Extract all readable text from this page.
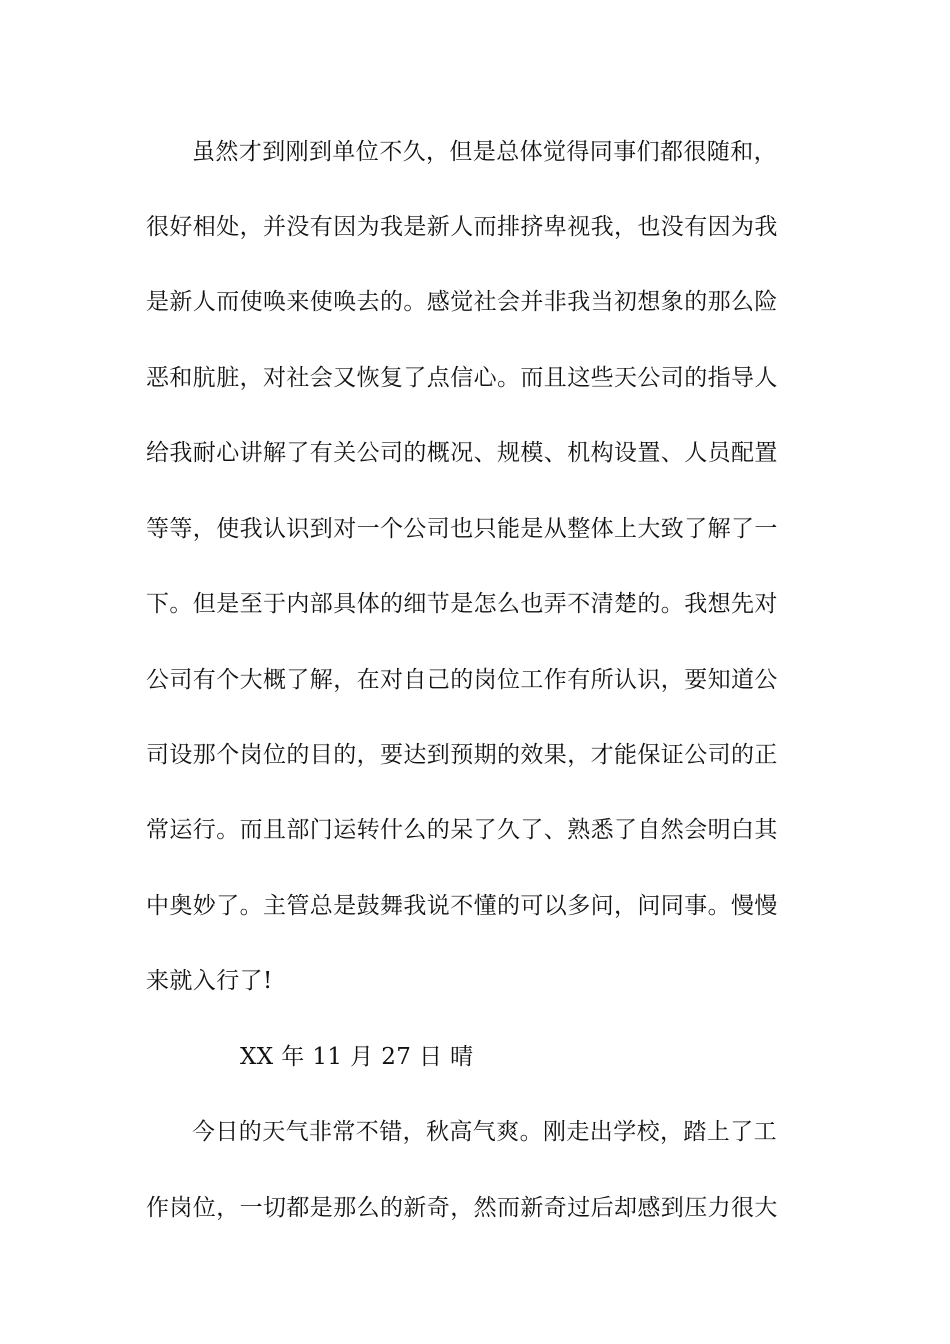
虽然才到刚到单位不久，但是总体觉得同事们都很随和，
很好相处，并没有因为我是新人而排挤卑视我，也没有因为我
是新人而使唤来使唤去的。感觉社会并非我当初想象的那么险
恶和肮脏，对社会又恢复了点信心。而且这些天公司的指导人
给我耐心讲解了有关公司的概况、规模、机构设置、人员配置
等等，使我认识到对一个公司也只能是从整体上大致了解了一
下。但是至于内部具体的细节是怎么也弄不清楚的。我想先对
公司有个大概了解，在对自己的岗位工作有所认识，要知道公
司设那个岗位的目的，要达到预期的效果，才能保证公司的正
常运行。而且部门运转什么的呆了久了、熟悉了自然会明白其
中奥妙了。主管总是鼓舞我说不懂的可以多问，问同事。慢慢
来就入行了!
XX 年 11 月 27 日 晴
今日的天气非常不错，秋高气爽。刚走出学校，踏上了工
作岗位，一切都是那么的新奇，然而新奇过后却感到压力很大
